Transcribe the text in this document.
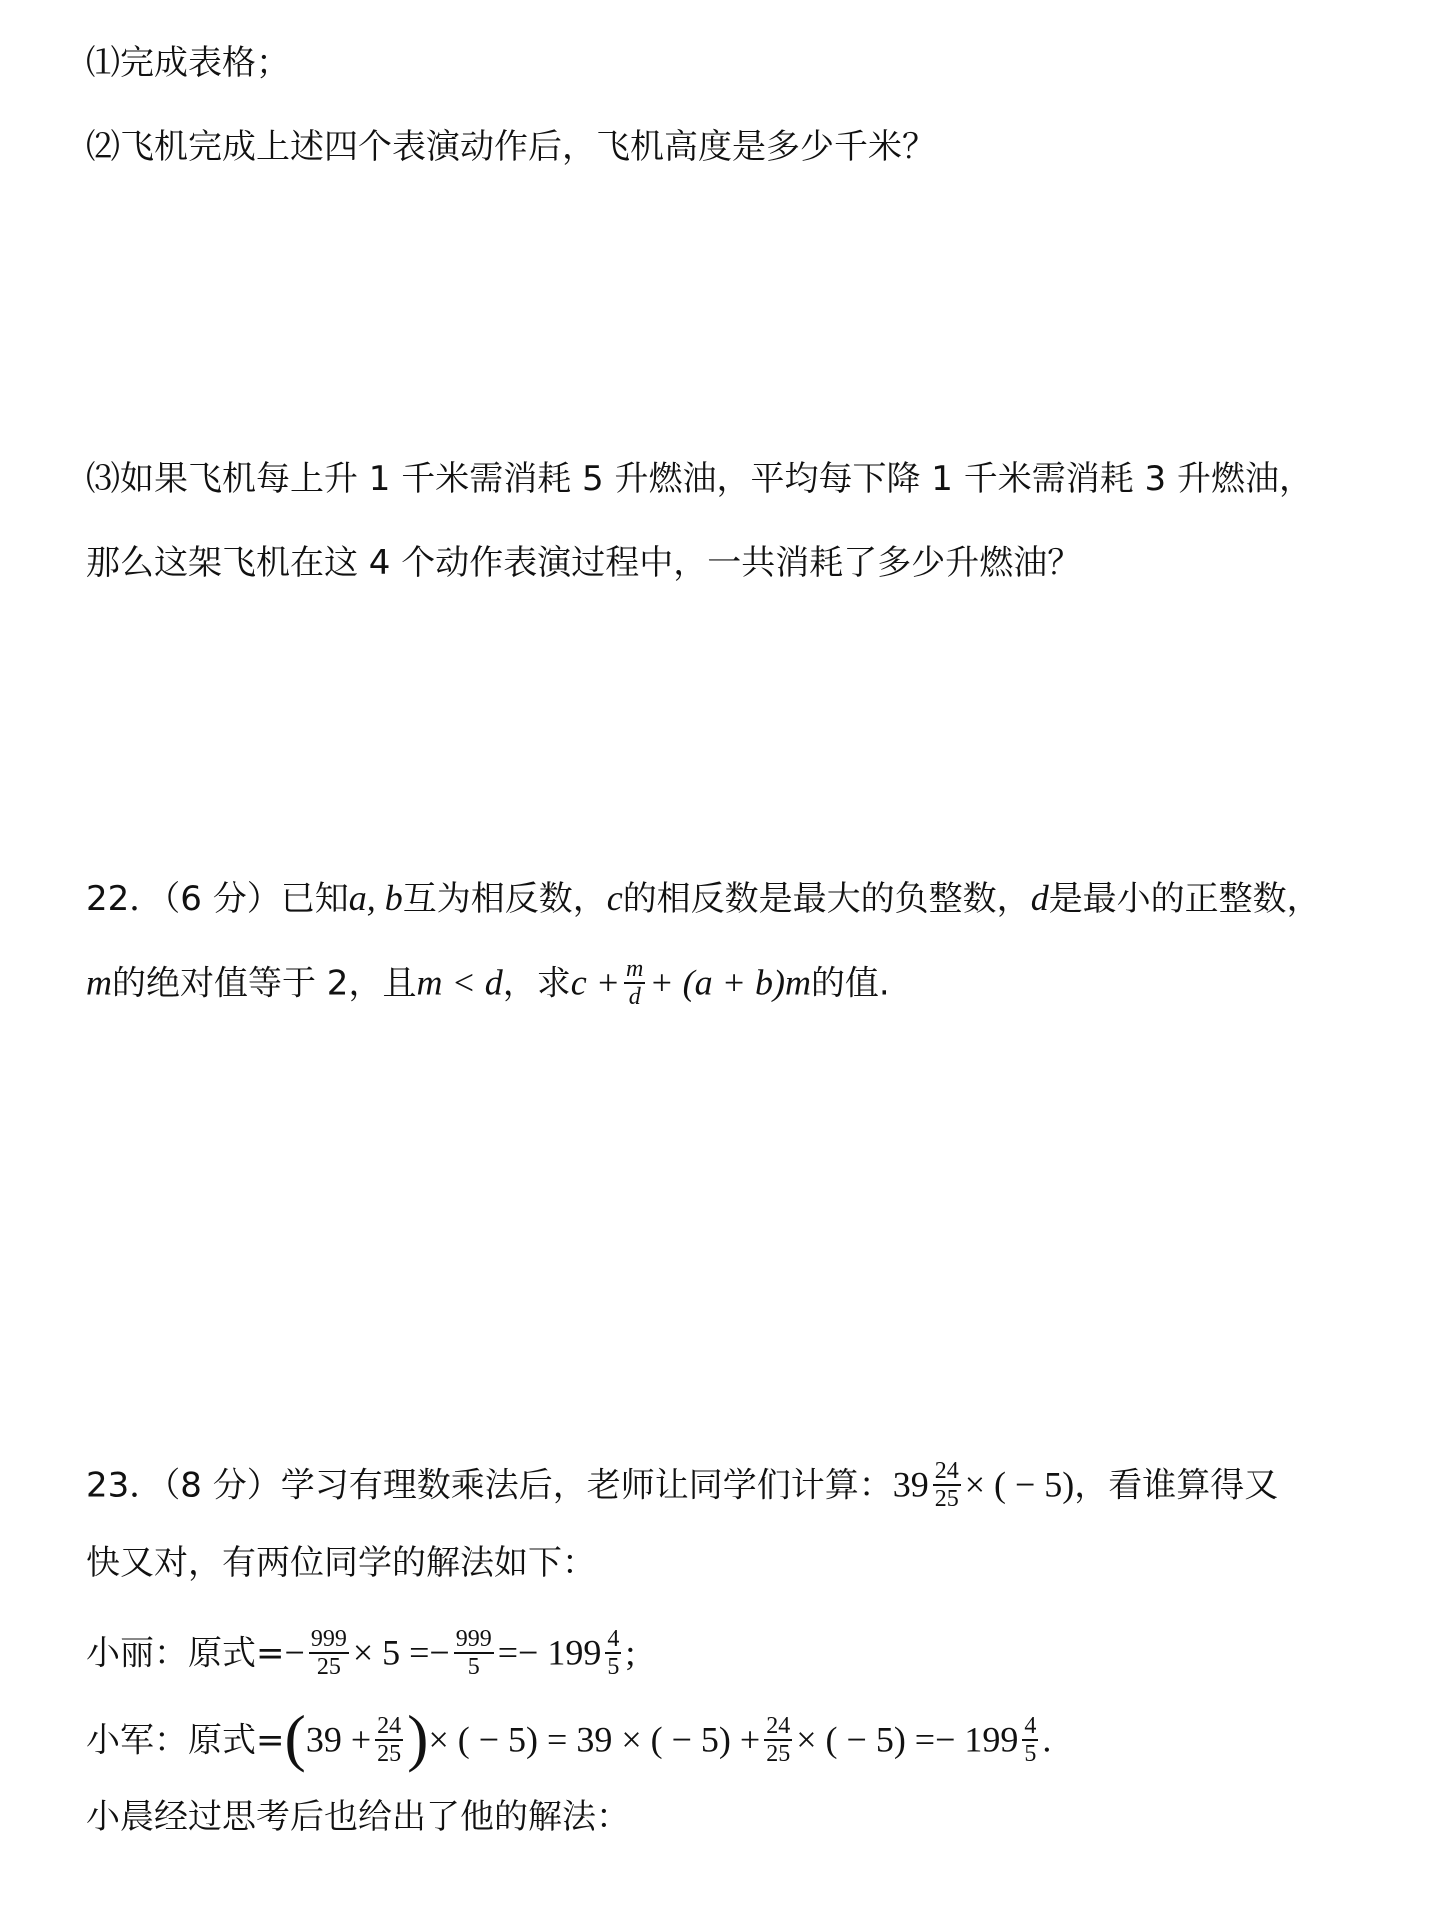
⑴完成表格；
⑵飞机完成上述四个表演动作后，飞机高度是多少千米？
⑶如果飞机每上升 1 千米需消耗 5 升燃油，平均每下降 1 千米需消耗 3 升燃油，
那么这架飞机在这 4 个动作表演过程中，一共消耗了多少升燃油？
22．（6 分）已知a, b互为相反数，c的相反数是最大的负整数，d是最小的正整数，
m的绝对值等于 2，且m < d，求$c + \frac{m}{d} + (a + b)m$的值.
23．（8 分）学习有理数乘法后，老师让同学们计算：$39 \frac{24}{25}$ × ( − 5)，看谁算得又
快又对，有两位同学的解法如下：
小丽：原式=− $\frac{999}{25} \times 5 =- \frac{999}{5} =- 199 \frac{4}{5}$ ;
小军：原式$=(39 + \frac{24}{25}$ )× ( − 5) = 39 × ( − $5) + \frac{24}{25}$ × ( − $5) =- 199 \frac{4}{5}$ .
小晨经过思考后也给出了他的解法：
